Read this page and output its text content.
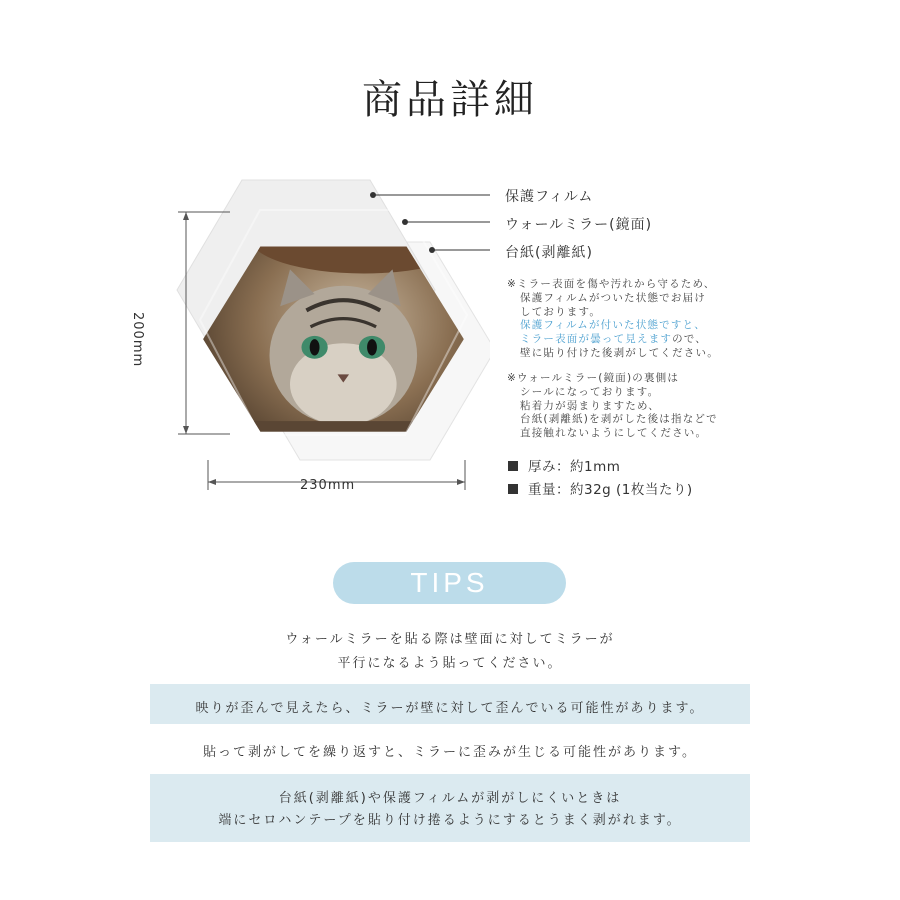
商品詳細
200mm
230mm
保護フィルム
ウォールミラー(鏡面)
台紙(剥離紙)
※ミラー表面を傷や汚れから守るため、
保護フィルムがついた状態でお届け
しております。
保護フィルムが付いた状態ですと、
ミラー表面が曇って見えますので、
壁に貼り付けた後剥がしてください。
※ウォールミラー(鏡面)の裏側は
シールになっております。
粘着力が弱まりますため、
台紙(剥離紙)を剥がした後は指などで
直接触れないようにしてください。
厚み：約1mm
重量：約32g (1枚当たり)
TIPS
ウォールミラーを貼る際は壁面に対してミラーが
平行になるよう貼ってください。
映りが歪んで見えたら、ミラーが壁に対して歪んでいる可能性があります。
貼って剥がしてを繰り返すと、ミラーに歪みが生じる可能性があります。
台紙(剥離紙)や保護フィルムが剥がしにくいときは
端にセロハンテープを貼り付け捲るようにするとうまく剥がれます。
